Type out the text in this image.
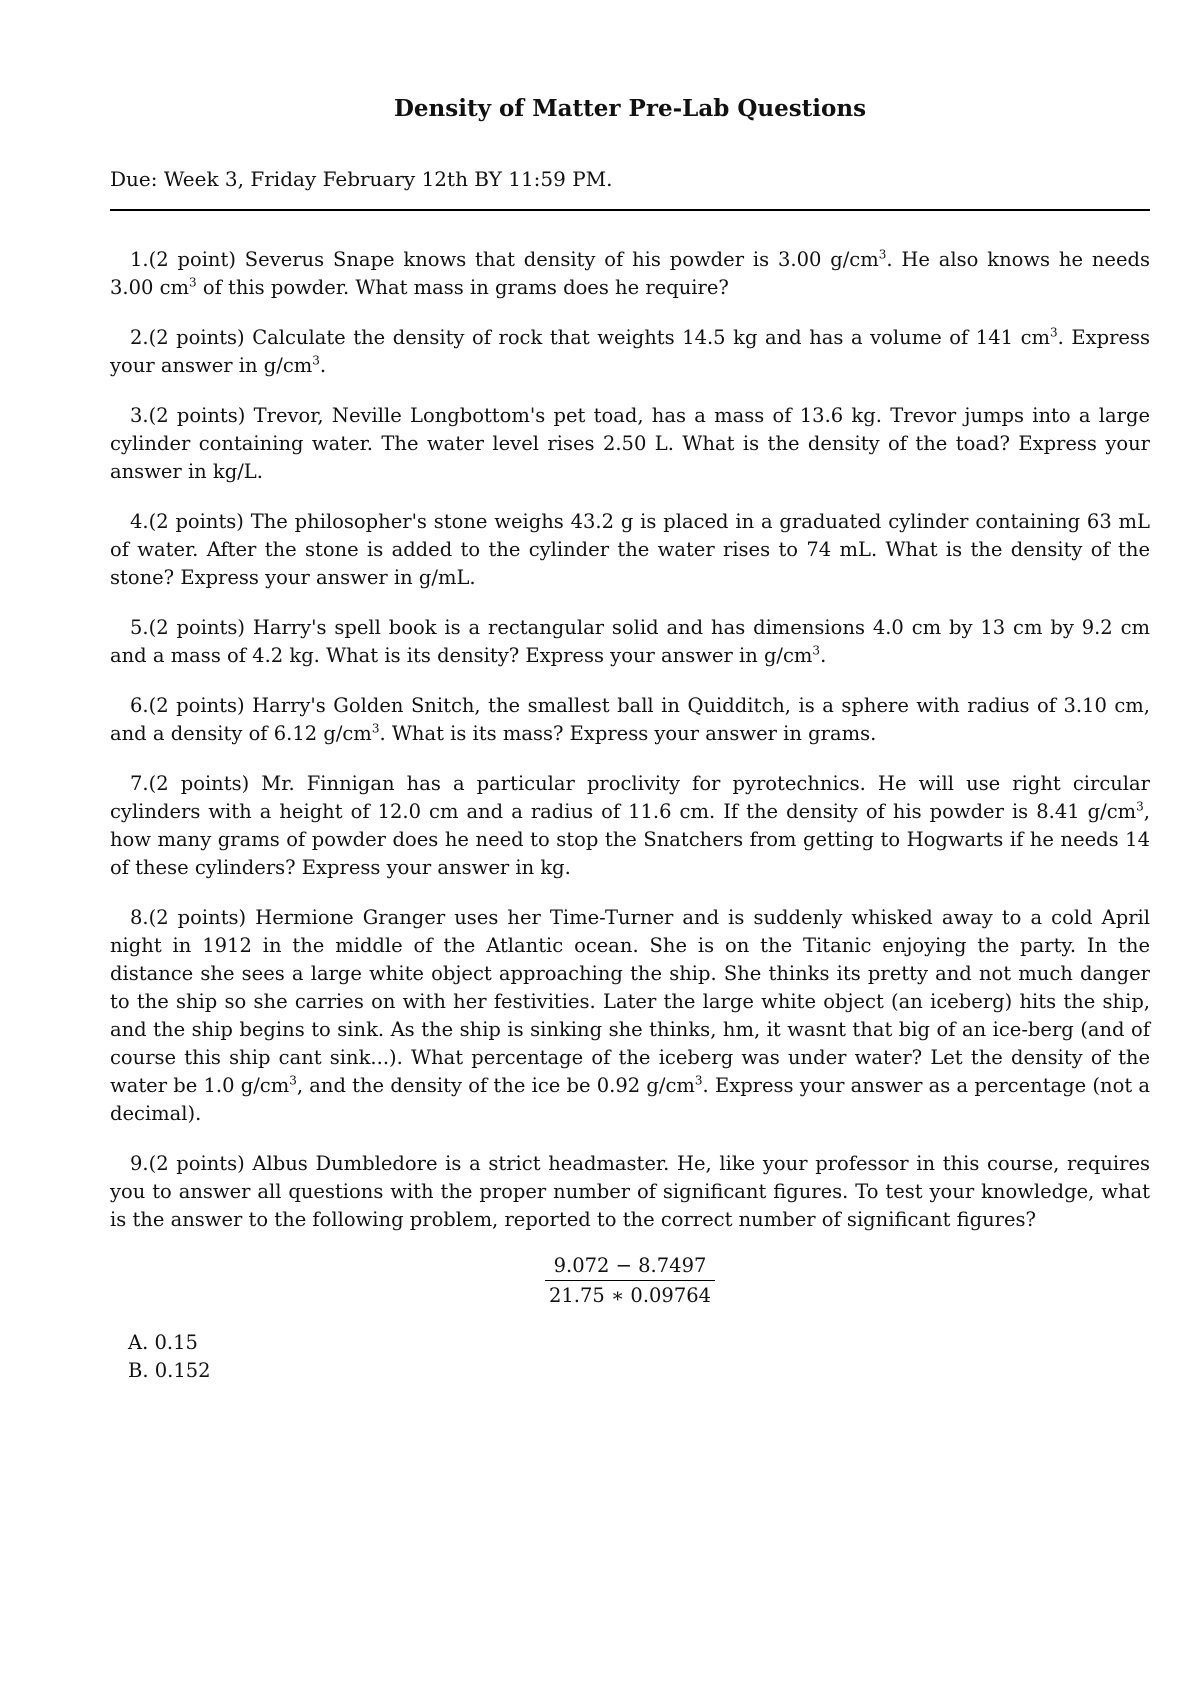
Density of Matter Pre-Lab Questions
Due: Week 3, Friday February 12th BY 11:59 PM.

1.(2 point) Severus Snape knows that density of his powder is 3.00 $g/cm^3$. He also knows he needs 3.00 $cm^3$ of this powder. What mass in grams does he require?

2.(2 points) Calculate the density of rock that weights 14.5 kg and has a volume of 141 $cm^3$. Express your answer in $g/cm^3$.

3.(2 points) Trevor, Neville Longbottom's pet toad, has a mass of 13.6 kg. Trevor jumps into a large cylinder containing water. The water level rises 2.50 L. What is the density of the toad? Express your answer in kg/L.

4.(2 points) The philosopher's stone weighs 43.2 g is placed in a graduated cylinder containing 63 mL of water. After the stone is added to the cylinder the water rises to 74 mL. What is the density of the stone? Express your answer in g/mL.

5.(2 points) Harry's spell book is a rectangular solid and has dimensions 4.0 cm by 13 cm by 9.2 cm and a mass of 4.2 kg. What is its density? Express your answer in $g/cm^3$.

6.(2 points) Harry's Golden Snitch, the smallest ball in Quidditch, is a sphere with radius of 3.10 cm, and a density of 6.12 $g/cm^3$. What is its mass? Express your answer in grams.

7.(2 points) Mr. Finnigan has a particular proclivity for pyrotechnics. He will use right circular cylinders with a height of 12.0 cm and a radius of 11.6 cm. If the density of his powder is 8.41 $g/cm^3$, how many grams of powder does he need to stop the Snatchers from getting to Hogwarts if he needs 14 of these cylinders? Express your answer in kg.

8.(2 points) Hermione Granger uses her Time-Turner and is suddenly whisked away to a cold April night in 1912 in the middle of the Atlantic ocean. She is on the Titanic enjoying the party. In the distance she sees a large white object approaching the ship. She thinks its pretty and not much danger to the ship so she carries on with her festivities. Later the large white object (an iceberg) hits the ship, and the ship begins to sink. As the ship is sinking she thinks, hm, it wasnt that big of an ice-berg (and of course this ship cant sink...). What percentage of the iceberg was under water? Let the density of the water be 1.0 $g/cm^3$, and the density of the ice be 0.92 $g/cm^3$. Express your answer as a percentage (not a decimal).

9.(2 points) Albus Dumbledore is a strict headmaster. He, like your professor in this course, requires you to answer all questions with the proper number of significant figures. To test your knowledge, what is the answer to the following problem, reported to the correct number of significant figures?

9.072 − 8.7497
21.75 ∗ 0.09764
A. 0.15
B. 0.152
